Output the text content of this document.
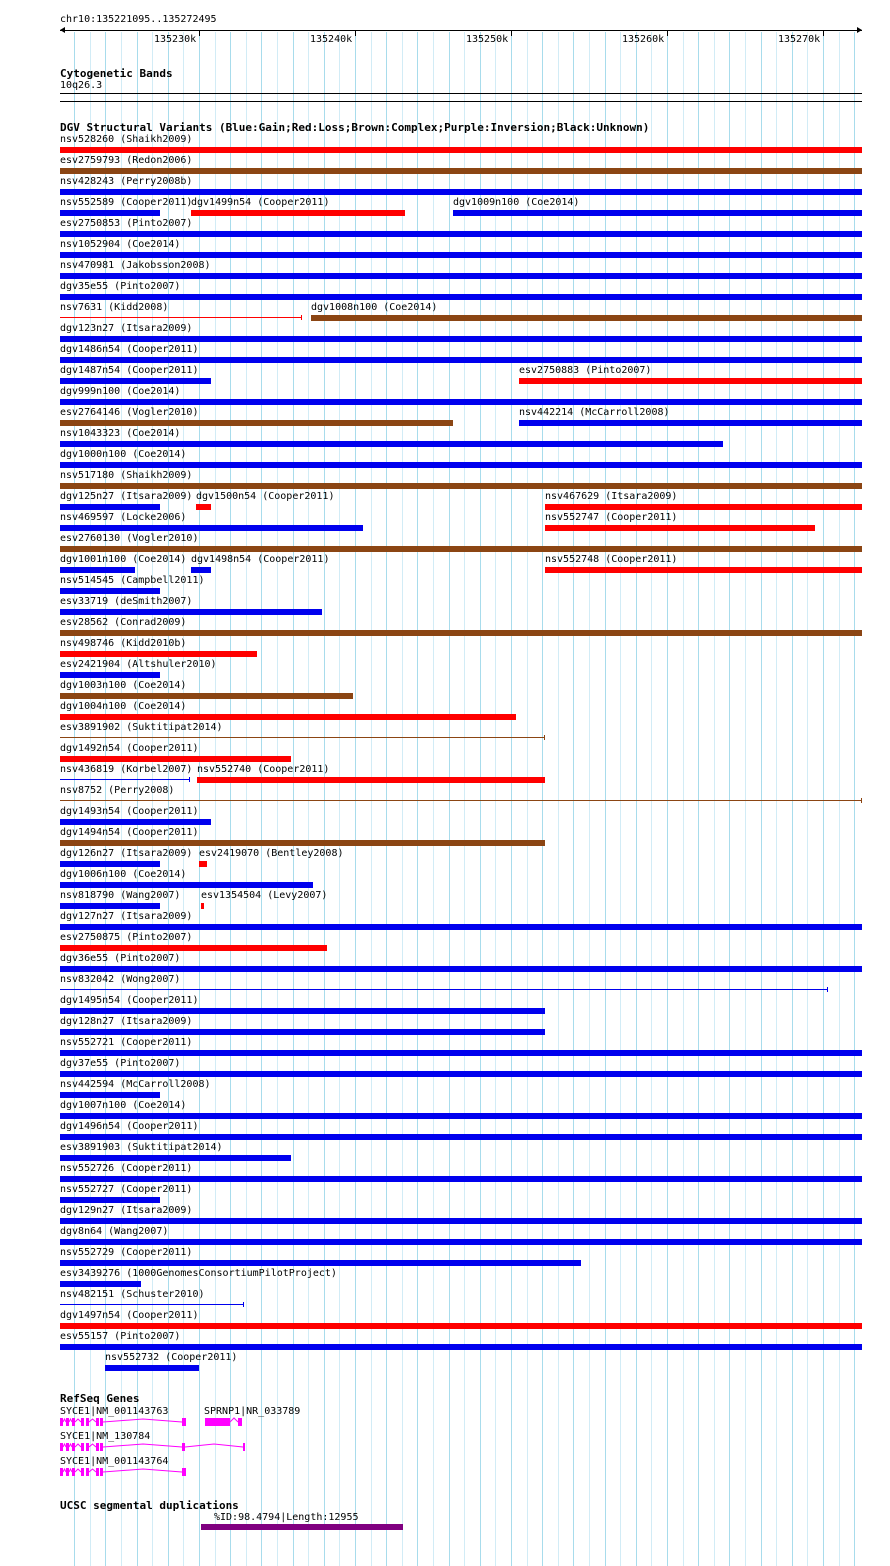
chr10:135221095..135272495
135230k	135240k	135250k	135260k	135270k
Cytogenetic Bands
10q26.3
DGV Structural Variants (Blue:Gain;Red:Loss;Brown:Complex;Purple:Inversion;Black:Unknown)
nsv528260 (Shaikh2009)
esv2759793 (Redon2006)
nsv428243 (Perry2008b)
nsv552589 (Cooper2011)
dgv1499n54 (Cooper2011)	dgv1009n100 (Coe2014)
esv2750853 (Pinto2007)
nsv1052904 (Coe2014)
nsv470981 (Jakobsson2008)
dgv35e55 (Pinto2007)
nsv7631 (Kidd2008)	dgv1008n100 (Coe2014)
dgv123n27 (Itsara2009)
dgv1486n54 (Cooper2011)
dgv1487n54 (Cooper2011)	esv2750883 (Pinto2007)
dgv999n100 (Coe2014)
esv2764146 (Vogler2010)	nsv442214 (McCarroll2008)
nsv1043323 (Coe2014)
dgv1000n100 (Coe2014)
nsv517180 (Shaikh2009)
dgv125n27 (Itsara2009) dgv1500n54 (Cooper2011)	nsv467629 (Itsara2009)
nsv469597 (Locke2006)	nsv552747 (Cooper2011)
esv2760130 (Vogler2010)
dgv1001n100 (Coe2014) dgv1498n54 (Cooper2011)	nsv552748 (Cooper2011)
nsv514545 (Campbell2011)
esv33719 (deSmith2007)
esv28562 (Conrad2009)
nsv498746 (Kidd2010b)
esv2421904 (Altshuler2010)
dgv1003n100 (Coe2014)
dgv1004n100 (Coe2014)
esv3891902 (Suktitipat2014)
dgv1492n54 (Cooper2011)
nsv436819 (Korbel2007) nsv552740 (Cooper2011)
nsv8752 (Perry2008)
dgv1493n54 (Cooper2011)
dgv1494n54 (Cooper2011)
dgv126n27 (Itsara2009) esv2419070 (Bentley2008)
dgv1006n100 (Coe2014)
nsv818790 (Wang2007) esv1354504 (Levy2007)
dgv127n27 (Itsara2009)
esv2750875 (Pinto2007)
dgv36e55 (Pinto2007)
nsv832042 (Wong2007)
dgv1495n54 (Cooper2011)
dgv128n27 (Itsara2009)
nsv552721 (Cooper2011)
dgv37e55 (Pinto2007)
nsv442594 (McCarroll2008)
dgv1007n100 (Coe2014)
dgv1496n54 (Cooper2011)
esv3891903 (Suktitipat2014)
nsv552726 (Cooper2011)
nsv552727 (Cooper2011)
dgv129n27 (Itsara2009)
dgv8n64 (Wang2007)
nsv552729 (Cooper2011)
esv3439276 (1000GenomesConsortiumPilotProject)
nsv482151 (Schuster2010)
dgv1497n54 (Cooper2011)
esv55157 (Pinto2007)
nsv552732 (Cooper2011)
RefSeq Genes
SYCE1|NM_001143763	SPRNP1|NR_033789
SYCE1|NM_130784
SYCE1|NM_001143764
UCSC segmental duplications
%ID:98.4794|Length:12955
